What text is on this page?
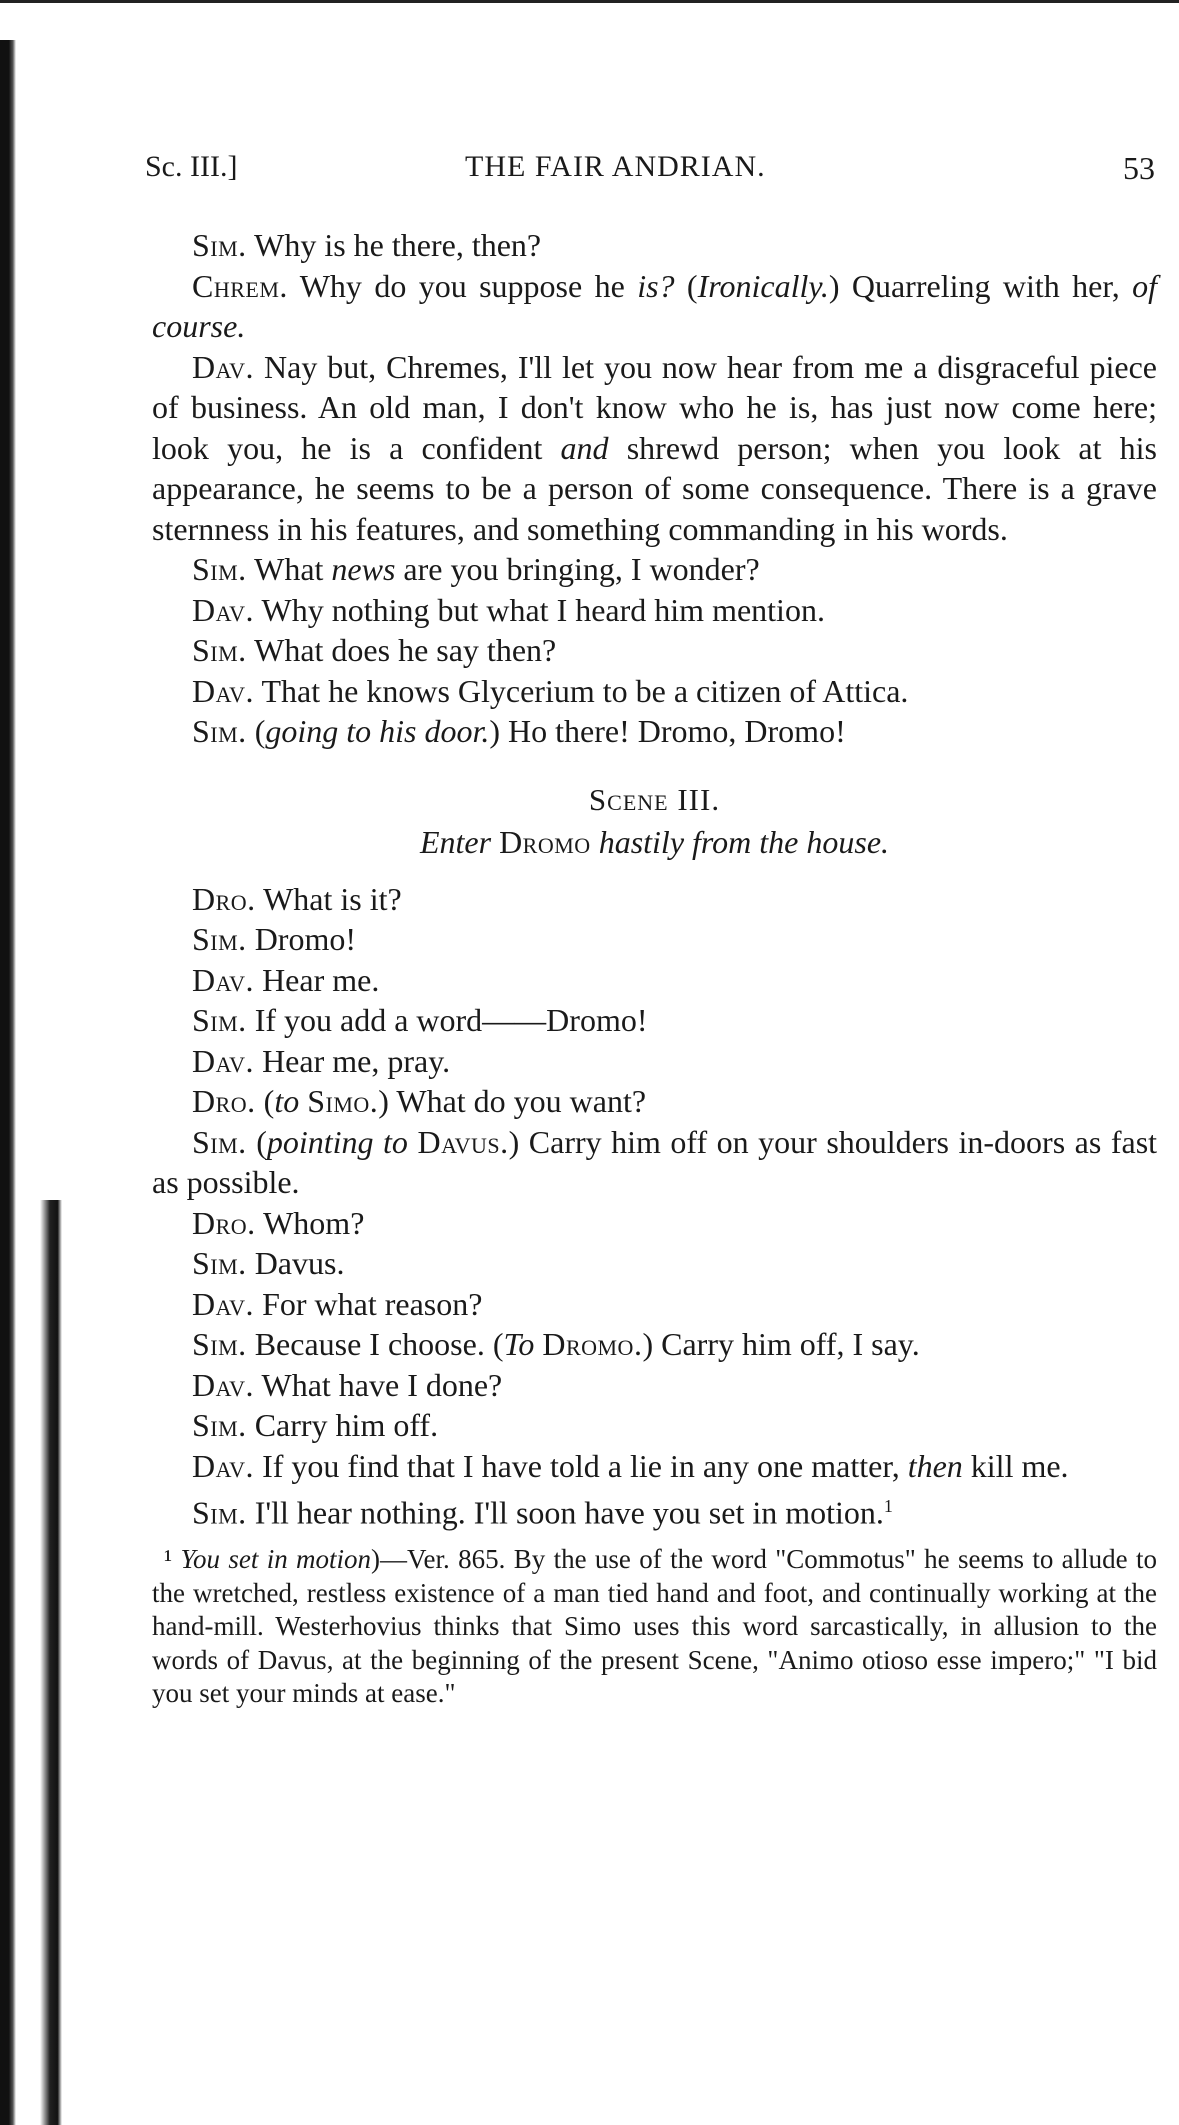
Sc. III.]	THE FAIR ANDRIAN.	53

Sim. Why is he there, then?

Chrem. Why do you suppose he is? (Ironically.) Quarreling with her, of course.

Dav. Nay but, Chremes, I'll let you now hear from me a disgraceful piece of business. An old man, I don't know who he is, has just now come here; look you, he is a confident and shrewd person; when you look at his appearance, he seems to be a person of some consequence. There is a grave sternness in his features, and something commanding in his words.

Sim. What news are you bringing, I wonder?

Dav. Why nothing but what I heard him mention.

Sim. What does he say then?

Dav. That he knows Glycerium to be a citizen of Attica.

Sim. (going to his door.) Ho there! Dromo, Dromo!

Scene III.
Enter Dromo hastily from the house.

Dro. What is it?

Sim. Dromo!

Dav. Hear me.

Sim. If you add a word——Dromo!

Dav. Hear me, pray.

Dro. (to Simo.) What do you want?

Sim. (pointing to Davus.) Carry him off on your shoulders in-doors as fast as possible.

Dro. Whom?

Sim. Davus.

Dav. For what reason?

Sim. Because I choose. (To Dromo.) Carry him off, I say.

Dav. What have I done?

Sim. Carry him off.

Dav. If you find that I have told a lie in any one matter, then kill me.

Sim. I'll hear nothing. I'll soon have you set in motion.$^1$

¹ You set in motion)—Ver. 865. By the use of the word "Commotus" he seems to allude to the wretched, restless existence of a man tied hand and foot, and continually working at the hand-mill. Westerhovius thinks that Simo uses this word sarcastically, in allusion to the words of Davus, at the beginning of the present Scene, "Animo otioso esse impero;" "I bid you set your minds at ease."
